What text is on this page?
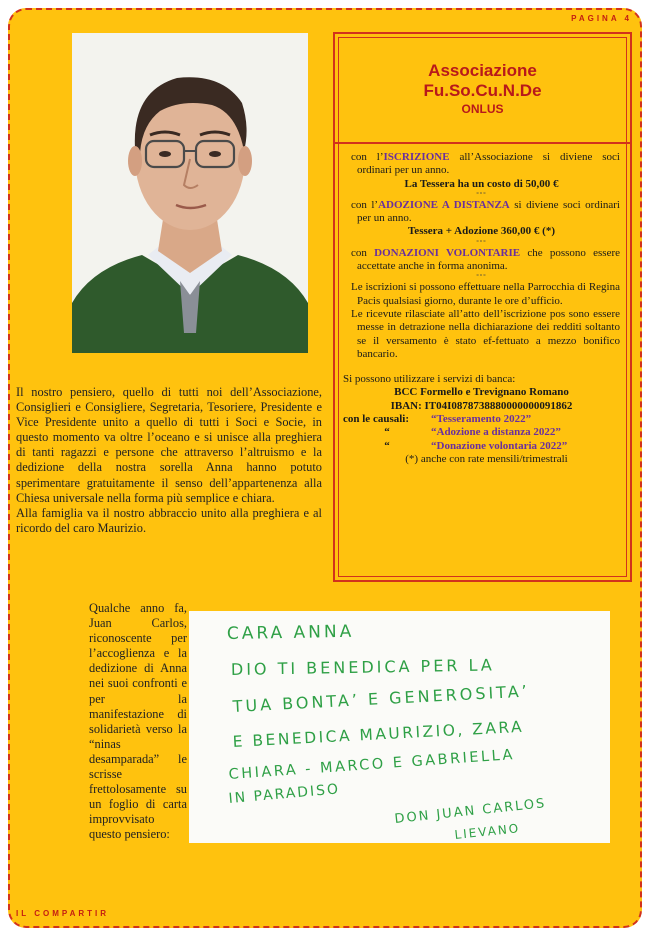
PAGINA 4
Associazione
Fu.So.Cu.N.De
ONLUS

con l’ISCRIZIONE all’Associazione si diviene soci ordinari per un anno.

La Tessera ha un costo di 50,00 €

°°°

con l’ADOZIONE A DISTANZA si diviene soci ordinari per un anno.

Tessera + Adozione 360,00 € (*)

°°°

con DONAZIONI VOLONTARIE che possono essere accettate anche in forma anonima.

°°°

Le iscrizioni si possono effettuare nella Parrocchia di Regina Pacis qualsiasi giorno, durante le ore d’ufficio.

Le ricevute rilasciate all’atto dell’iscrizione pos sono essere messe in detrazione nella dichiarazione dei redditi soltanto se il versamento è stato ef-fettuato a mezzo bonifico bancario.

Si possono utilizzare i servizi di banca:

BCC Formello e Trevignano Romano

IBAN: IT04I0878738880000000091862

con le causali:	“Tesseramento 2022”
“	“Adozione a distanza 2022”
“	“Donazione volontaria 2022”

(*) anche con rate mensili/trimestrali

Il nostro pensiero, quello di tutti noi dell’Associazione, Consiglieri e Consigliere, Segretaria, Tesoriere, Presidente e Vice Presidente unito a quello di tutti i Soci e Socie, in questo momento va oltre l’oceano e si unisce alla preghiera di tanti ragazzi e persone che attraverso l’altruismo e la dedizione della nostra sorella Anna hanno potuto sperimentare gratuitamente il senso dell’appartenenza alla Chiesa universale nella forma più semplice e chiara.

Alla famiglia va il nostro abbraccio unito alla preghiera e al ricordo del caro Maurizio.

Qualche anno fa, Juan Carlos, riconoscente per l’accoglienza e la dedizione di Anna nei suoi confronti e per la manifestazione di solidarietà verso la “ninas desamparada” le scrisse frettolosamente su un foglio di carta improvvisato questo pensiero:
CARA ANNA
DIO TI BENEDICA PER LA
TUA BONTA’ E GENEROSITA’
E BENEDICA MAURIZIO, ZARA
CHIARA - MARCO E GABRIELLA
IN PARADISO
DON JUAN CARLOS
LIEVANO
IL COMPARTIR
